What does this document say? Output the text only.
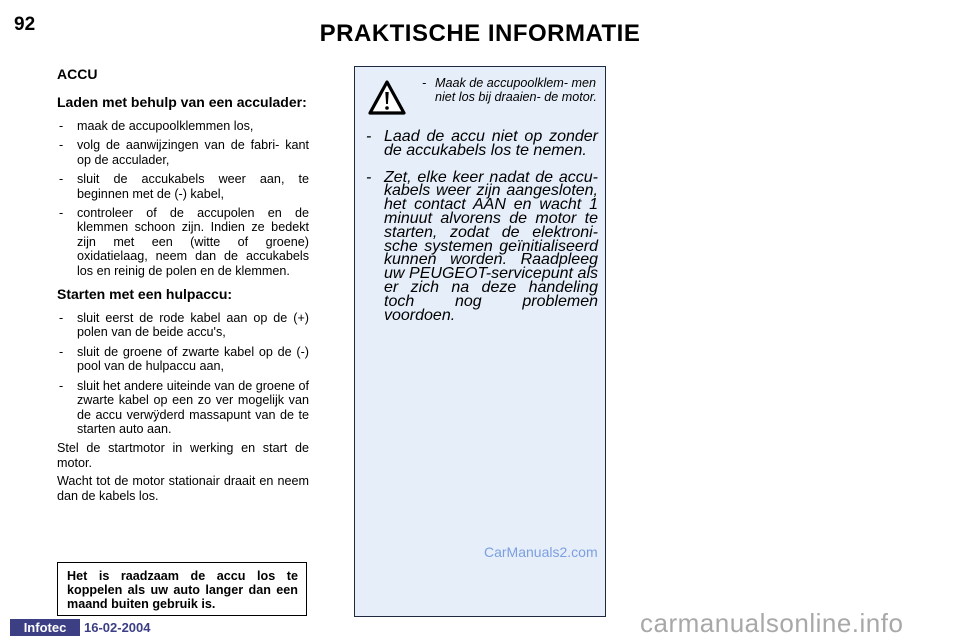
92	PRAKTISCHE INFORMATIE
ACCU
Laden met behulp van een acculader:
- maak de accupoolklemmen los,
- volg de aanwijzingen van de fabri- kant op de acculader,
- sluit de accukabels weer aan, te beginnen met de (-) kabel,
- controleer of de accupolen en de klemmen schoon zijn. Indien ze bedekt zijn met een (witte of groene) oxidatielaag, neem dan de accukabels los en reinig de polen en de klemmen.
Starten met een hulpaccu:
- sluit eerst de rode kabel aan op de (+) polen van de beide accu's,
- sluit de groene of zwarte kabel op de (-) pool van de hulpaccu aan,
- sluit het andere uiteinde van de groene of zwarte kabel op een zo ver mogelijk van de accu verwÿderd massapunt van de te starten auto aan.
Stel de startmotor in werking en start de motor.
Wacht tot de motor stationair draait en neem dan de kabels los.
Het is raadzaam de accu los te koppelen als uw auto langer dan een maand buiten gebruik is.
- Maak de accupoolklem- men niet los bij draaien- de motor.
- Laad de accu niet op zonder de accukabels los te nemen.
- Zet, elke keer nadat de accu- kabels weer zijn aangesloten, het contact AAN en wacht 1 minuut alvorens de motor te starten, zodat de elektroni- sche systemen geïnitialiseerd kunnen worden. Raadpleeg uw PEUGEOT-servicepunt als er zich na deze handeling toch nog problemen voordoen.
CarManuals2.com
carmanualsonline.info
Infotec	16-02-2004
